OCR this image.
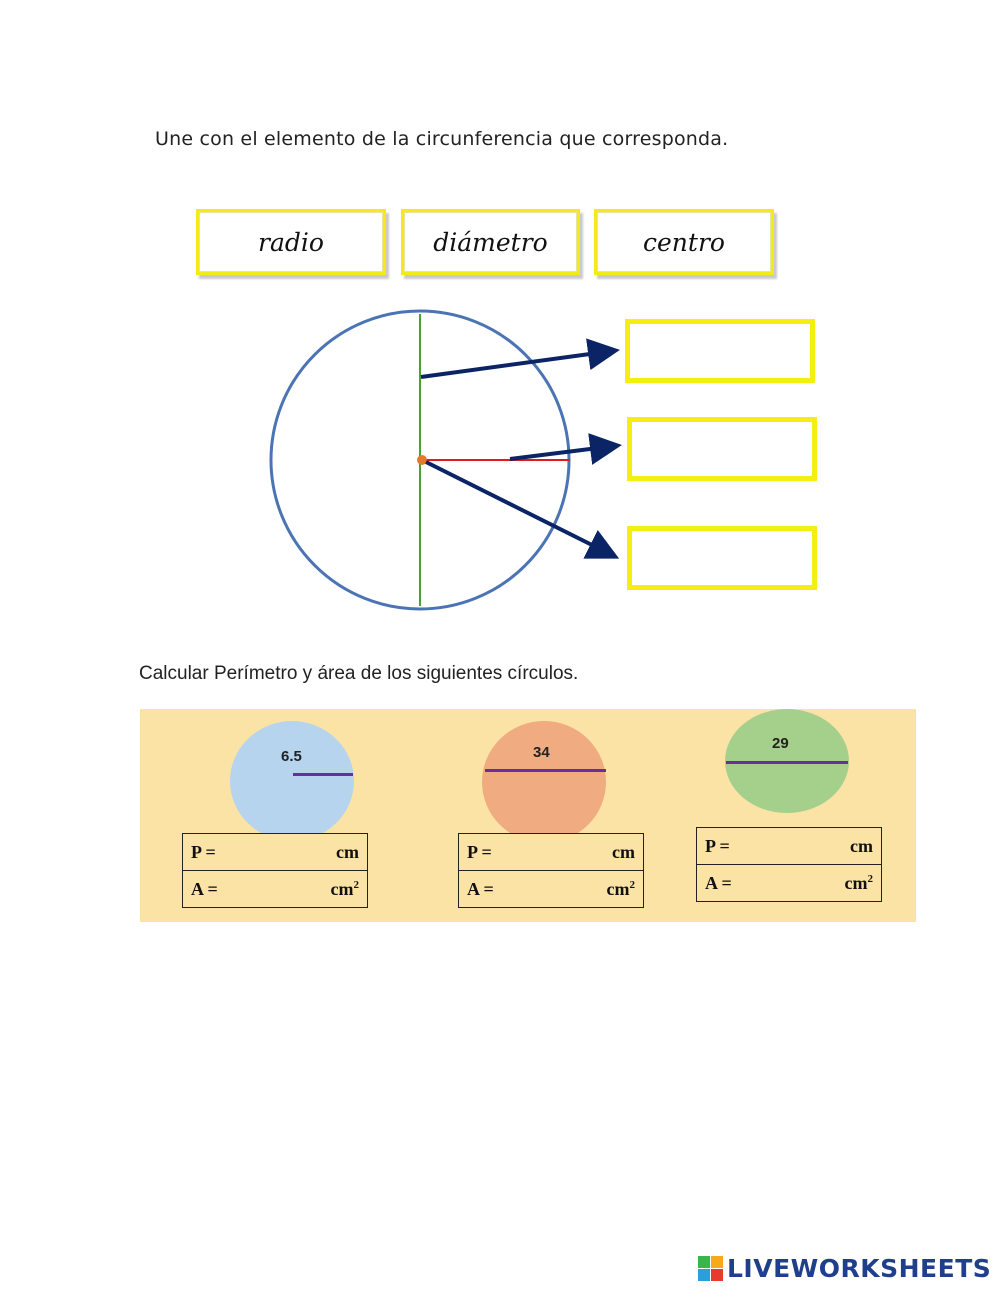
Une con el elemento de la circunferencia que corresponda.
radio	diámetro	centro
Calcular Perímetro y área de los siguientes círculos.
6.5
P =	cm

A =	$cm^2$
34
P =	cm

A =	$cm^2$
29
P =	cm

A =	$cm^2$
LIVEWORKSHEETS
